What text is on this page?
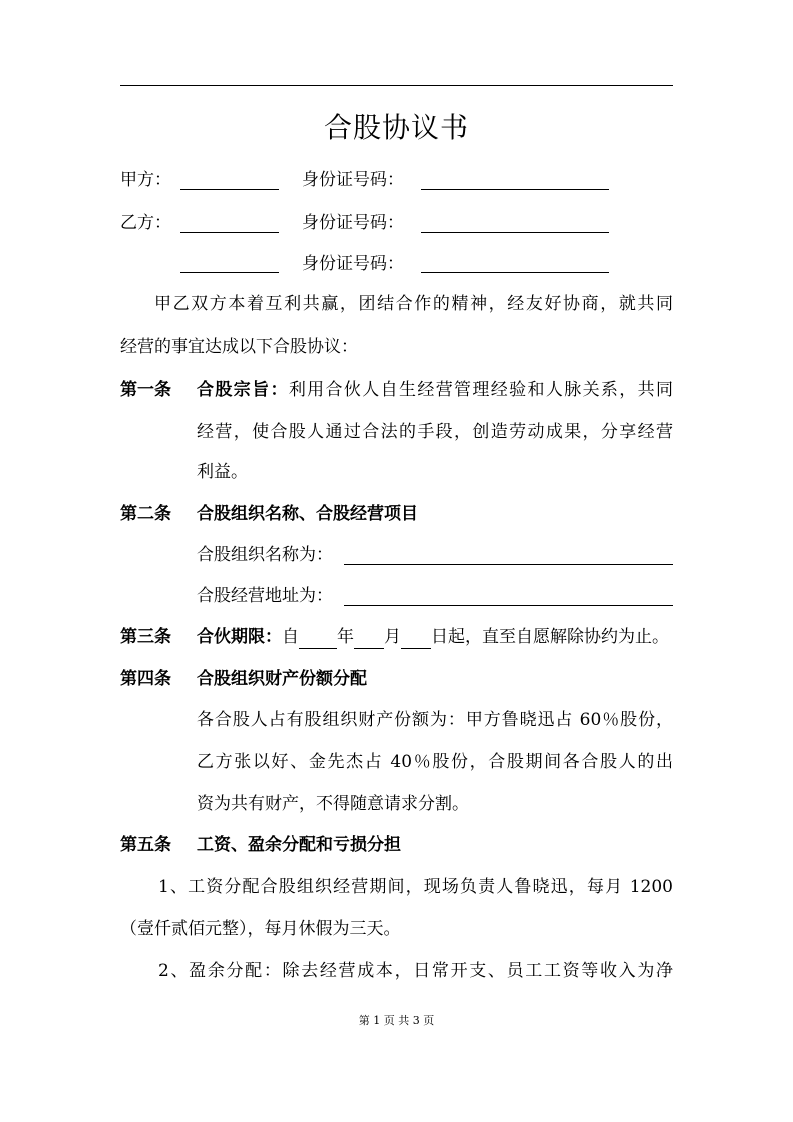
合股协议书
甲方：	身份证号码：
乙方：	身份证号码：
身份证号码：
甲乙双方本着互利共赢，团结合作的精神，经友好协商，就共同
经营的事宜达成以下合股协议：
第一条 合股宗旨：利用合伙人自生经营管理经验和人脉关系，共同
经营，使合股人通过合法的手段，创造劳动成果，分享经营
利益。
第二条 合股组织名称、合股经营项目
合股组织名称为：
合股经营地址为：
第三条 合伙期限：自 年 月 日起，直至自愿解除协约为止。
第四条 合股组织财产份额分配
各合股人占有股组织财产份额为：甲方鲁晓迅占 60％股份，
乙方张以好、金先杰占 40％股份，合股期间各合股人的出
资为共有财产，不得随意请求分割。
第五条 工资、盈余分配和亏损分担
1、工资分配合股组织经营期间，现场负责人鲁晓迅，每月 1200
（壹仟贰佰元整），每月休假为三天。
2、盈余分配：除去经营成本，日常开支、员工工资等收入为净
第 1 页 共 3 页
